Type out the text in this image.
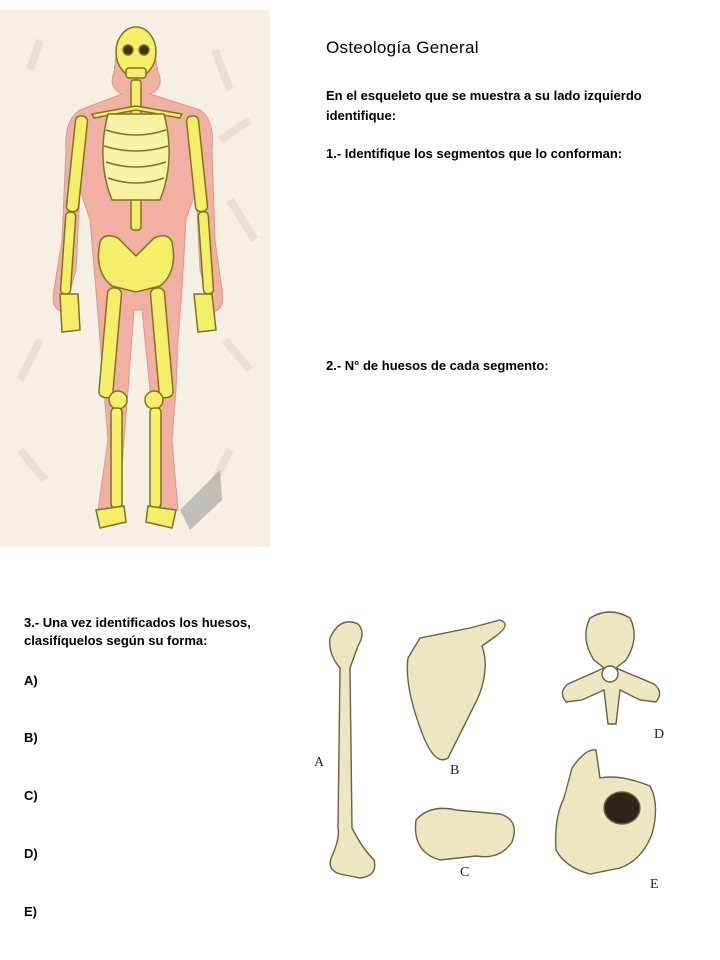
Osteología General
En el esqueleto que se muestra a su lado izquierdo identifique:
1.- Identifique los segmentos que lo conforman:
2.- N° de huesos de cada segmento:
3.- Una vez identificados los huesos, clasifíquelos según su forma:
A)
B)
C)
D)
E)
A
B
C
D
E
